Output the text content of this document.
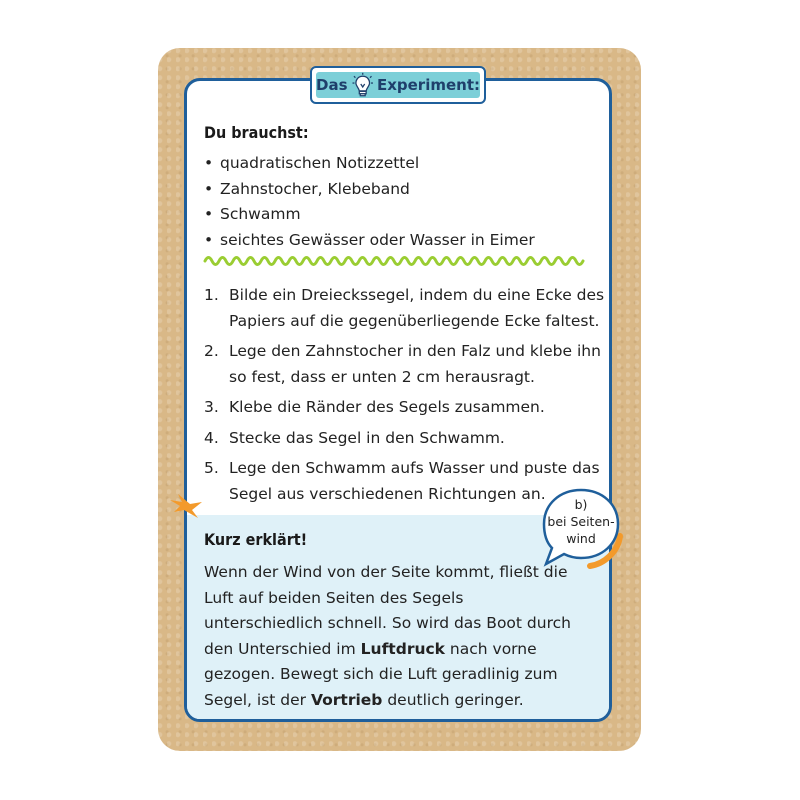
Das Experiment:
Du brauchst:
• quadratischen Notizzettel
• Zahnstocher, Klebeband
• Schwamm
• seichtes Gewässer oder Wasser in Eimer
1. Bilde ein Dreieckssegel, indem du eine Ecke des Papiers auf die gegenüberliegende Ecke faltest.
2. Lege den Zahnstocher in den Falz und klebe ihn so fest, dass er unten 2 cm herausragt.
3. Klebe die Ränder des Segels zusammen.
4. Stecke das Segel in den Schwamm.
5. Lege den Schwamm aufs Wasser und puste das Segel aus verschiedenen Richtungen an.
b)
bei Seiten-
wind
Kurz erklärt!
Wenn der Wind von der Seite kommt, fließt die Luft auf beiden Seiten des Segels unterschiedlich schnell. So wird das Boot durch den Unterschied im Luftdruck nach vorne gezogen. Bewegt sich die Luft geradlinig zum Segel, ist der Vortrieb deutlich geringer.
